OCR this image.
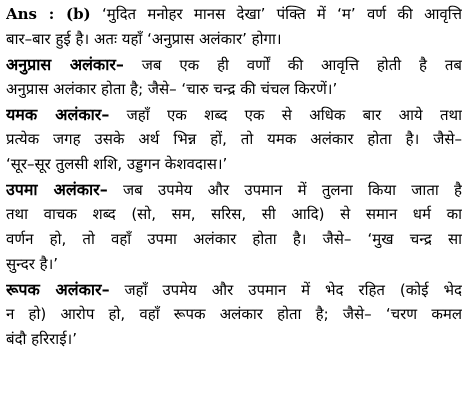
Ans : (b) ‘मुदित मनोहर मानस देखा’ पंक्ति में ‘म’ वर्ण की आवृत्ति
बार–बार हुई है। अतः यहाँ ‘अनुप्रास अलंकार’ होगा।
अनुप्रास अलंकार– जब एक ही वर्णों की आवृत्ति होती है तब
अनुप्रास अलंकार होता है; जैसे– ‘चारु चन्द्र की चंचल किरणें।’
यमक अलंकार– जहाँ एक शब्द एक से अधिक बार आये तथा
प्रत्येक जगह उसके अर्थ भिन्न हों, तो यमक अलंकार होता है। जैसे–
‘सूर–सूर तुलसी शशि, उड्डगन केशवदास।’
उपमा अलंकार– जब उपमेय और उपमान में तुलना किया जाता है
तथा वाचक शब्द (सो, सम, सरिस, सी आदि) से समान धर्म का
वर्णन हो, तो वहाँ उपमा अलंकार होता है। जैसे– ‘मुख चन्द्र सा
सुन्दर है।’
रूपक अलंकार– जहाँ उपमेय और उपमान में भेद रहित (कोई भेद
न हो) आरोप हो, वहाँ रूपक अलंकार होता है; जैसे– ‘चरण कमल
बंदौ हरिराई।’
